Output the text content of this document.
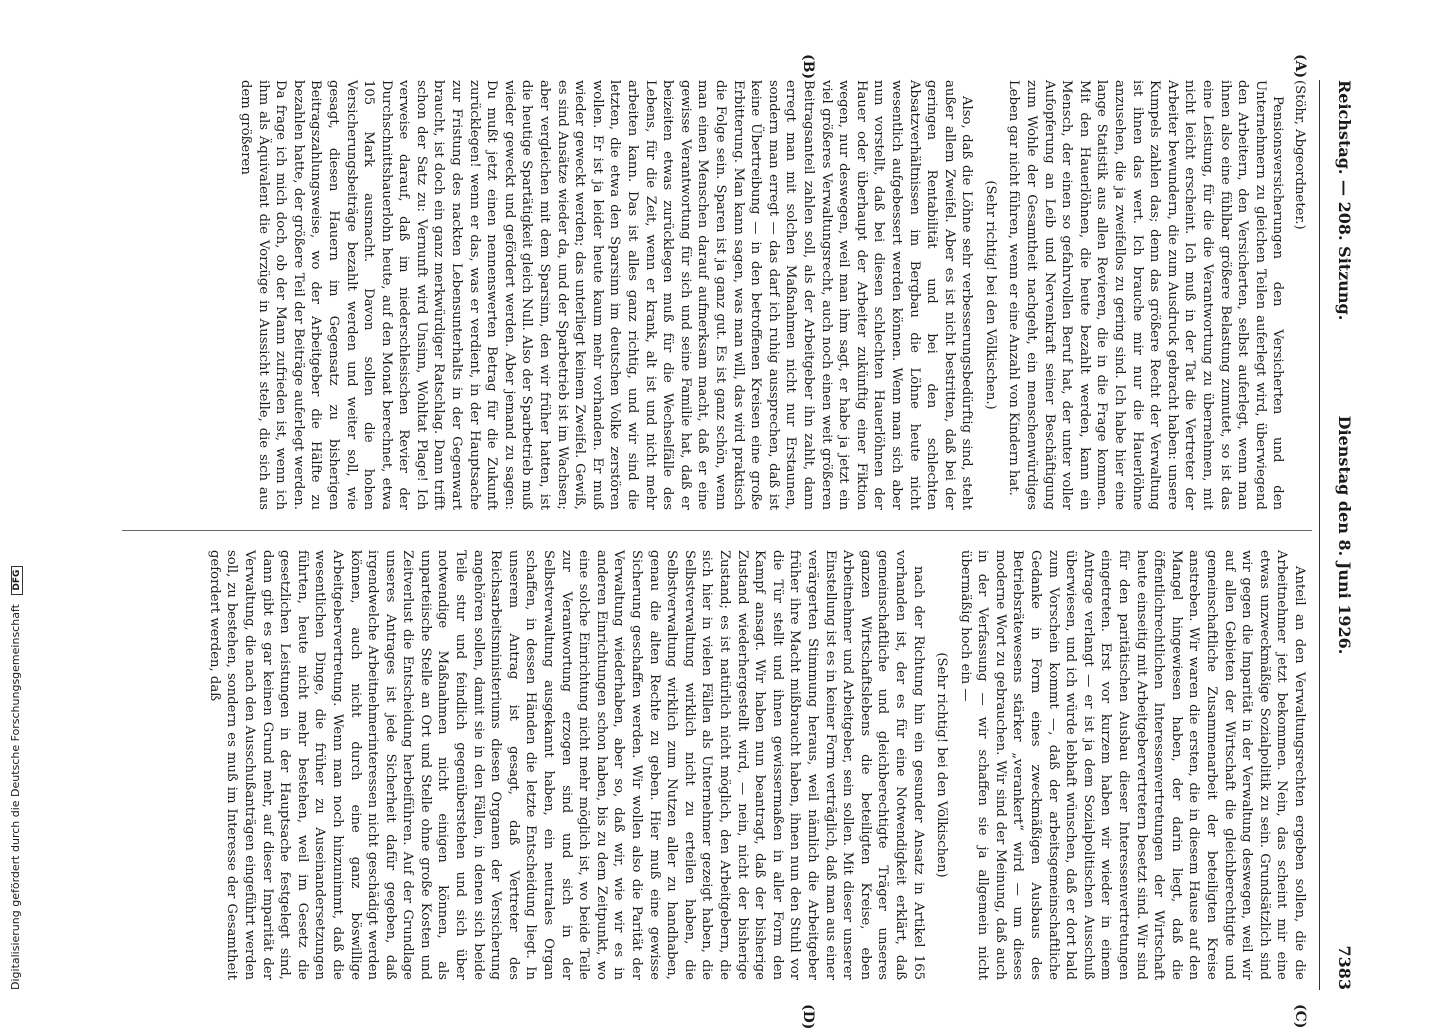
Digitalisierung gefördert durch die Deutsche Forschungsgemeinschaft DFG
Reichstag. — 208. Sitzung.
Dienstag den 8. Juni 1926.
7383
(A)
(B)
(C)
(D)

(Stöhr, Abgeordneter.)

Pensionsversicherungen den Versicherten und den Unternehmern zu gleichen Teilen auferlegt wird, überwiegend den Arbeitern, den Versicherten, selbst auferlegt, wenn man ihnen also eine fühlbar größere Belastung zumutet, so ist das eine Leistung, für die die Verantwortung zu übernehmen, mit nicht leicht erscheint. Ich muß in der Tat die Vertreter der Arbeiter bewundern, die zum Ausdruck gebracht haben: unsere Kumpels zahlen das; denn das größere Recht der Verwaltung ist ihnen das wert. Ich brauche mir nur die Hauerlöhne anzusehen, die ja zweifellos zu gering sind. Ich habe hier eine lange Statistik aus allen Revieren, die in die Frage kommen. Mit den Hauerlöhnen, die heute bezahlt werden, kann ein Mensch, der einen so gefahrvollen Beruf hat, der unter voller Aufopferung an Leib und Nervenkraft seiner Beschäftigung zum Wohle der Gesamtheit nachgeht, ein menschenwürdiges Leben gar nicht führen, wenn er eine Anzahl von Kindern hat.

(Sehr richtig! bei den Völkischen.)

Also, daß die Löhne sehr verbesserungsbedürftig sind, steht außer allem Zweifel. Aber es ist nicht bestritten, daß bei der geringen Rentabilität und bei den schlechten Absatzverhältnissen im Bergbau die Löhne heute nicht wesentlich aufgebessert werden können. Wenn man sich aber nun vorstellt, daß bei diesen schlechten Hauerlöhnen der Hauer oder überhaupt der Arbeiter zukünftig einer Fiktion wegen, nur deswegen, weil man ihm sagt, er habe ja jetzt ein viel größeres Verwaltungsrecht, auch noch einen weit größeren Beitragsanteil zahlen soll, als der Arbeitgeber ihn zahlt, dann erregt man mit solchen Maßnahmen nicht nur Erstaunen, sondern man erregt — das darf ich ruhig aussprechen, daß ist keine Übertreibung — in den betroffenen Kreisen eine große Erbitterung. Man kann sagen, was man will, das wird praktisch die Folge sein. Sparen ist ja ganz gut. Es ist ganz schön, wenn man einen Menschen darauf aufmerksam macht, daß er eine gewisse Verantwortung für sich und seine Familie hat, daß er beizeiten etwas zurücklegen muß für die Wechselfälle des Lebens, für die Zeit, wenn er krank, alt ist und nicht mehr arbeiten kann. Das ist alles ganz richtig, und wir sind die letzten, die etwa den Sparsinn im deutschen Volke zerstören wollen. Er ist ja leider heute kaum mehr vorhanden. Er muß wieder geweckt werden; das unterliegt keinem Zweifel. Gewiß, es sind Ansätze wieder da, und der Sparbetrieb ist im Wachsen; aber vergleichen mit dem Sparsinn, den wir früher hatten, ist die heutige Spartätigkeit gleich Null. Also der Sparbetrieb muß wieder geweckt und gefördert werden. Aber jemand zu sagen: Du mußt jetzt einen nennenswerten Betrag für die Zukunft zurücklegen! wenn er das, was er verdient, in der Hauptsache zur Fristung des nackten Lebensunterhalts in der Gegenwart braucht, ist doch ein ganz merkwürdiger Ratschlag. Dann trifft schon der Satz zu: Vernunft wird Unsinn, Wohltat Plage! Ich verweise darauf, daß im niederschlesischen Revier der Durchschnittshauerlohn heute, auf den Monat berechnet, etwa 105 Mark ausmacht. Davon sollen die hohen Versicherungsbeiträge bezahlt werden und weiter soll, wie gesagt, diesen Hauern im Gegensatz zu bisherigen Beitragszahlungsweise, wo der Arbeitgeber die Hälfte zu bezahlen hatte, der größere Teil der Beiträge auferlegt werden. Da frage ich mich doch, ob der Mann zufrieden ist, wenn ich ihm als Äquivalent die Vorzüge in Aussicht stelle, die sich aus dem größeren

Anteil an den Verwaltungsrechten ergeben sollen, die die Arbeitnehmer jetzt bekommen. Nein, das scheint mir eine etwas unzweckmäßige Sozialpolitik zu sein. Grundsätzlich sind wir gegen die Imparität in der Verwaltung deswegen, weil wir auf allen Gebieten der Wirtschaft die gleichberechtigte und gemeinschaftliche Zusammenarbeit der beteiligten Kreise anstreben. Wir waren die ersten, die in diesem Hause auf den Mangel hingewiesen haben, der darin liegt, daß die öffentlichrechtlichen Interessenvertretungen der Wirtschaft heute einseitig mit Arbeitgebervertretern besetzt sind. Wir sind für den paritätischen Ausbau dieser Interessenvertretungen eingetreten. Erst vor kurzem haben wir wieder in einem Antrage verlangt — er ist ja dem Sozialpolitischen Ausschuß überwiesen, und ich würde lebhaft wünschen, daß er dort bald zum Vorschein kommt —, daß der arbeitsgemeinschaftliche Gedanke in Form eines zweckmäßigen Ausbaus des Betriebsrätewesens stärker „verankert“ wird — um dieses moderne Wort zu gebrauchen. Wir sind der Meinung, daß auch in der Verfassung — wir schaffen sie ja allgemein nicht übermäßig hoch ein —

(Sehr richtig! bei den Völkischen)

nach der Richtung hin ein gesunder Ansatz in Artikel 165 vorhanden ist, der es für eine Notwendigkeit erklärt, daß gemeinschaftliche und gleichberechtigte Träger unseres ganzen Wirtschaftslebens die beteiligten Kreise, eben Arbeitnehmer und Arbeitgeber, sein sollen. Mit dieser unserer Einstellung ist es in keiner Form verträglich, daß man aus einer verärgerten Stimmung heraus, weil nämlich die Arbeitgeber früher ihre Macht mißbraucht haben, ihnen nun den Stuhl vor die Tür stellt und ihnen gewissermaßen in aller Form den Kampf ansagt. Wir haben nun beantragt, daß der bisherige Zustand wiederhergestellt wird, — nein, nicht der bisherige Zustand; es ist natürlich nicht möglich, den Arbeitgebern, die sich hier in vielen Fällen als Unternehmer gezeigt haben, die Selbstverwaltung wirklich nicht zu erteilen haben, die Selbstverwaltung wirklich zum Nutzen aller zu handhaben, genau die alten Rechte zu geben. Hier muß eine gewisse Sicherung geschaffen werden. Wir wollen also die Parität der Verwaltung wiederhaben, aber so, daß wir, wie wir es in anderen Einrichtungen schon haben, bis zu dem Zeitpunkt, wo eine solche Einrichtung nicht mehr möglich ist, wo beide Teile zur Verantwortung erzogen sind und sich in der Selbstverwaltung ausgekannt haben, ein neutrales Organ schaffen, in dessen Händen die letzte Entscheidung liegt. In unserem Antrag ist gesagt, daß Vertreter des Reichsarbeitsministeriums diesen Organen der Versicherung angehören sollen, damit sie in den Fällen, in denen sich beide Teile stur und feindlich gegenüberstehen und sich über notwendige Maßnahmen nicht einigen können, als unparteiische Stelle an Ort und Stelle ohne große Kosten und Zeitverlust die Entscheidung herbeiführen. Auf der Grundlage unseres Antrages ist jede Sicherheit dafür gegeben, daß irgendwelche Arbeitnehmerinteressen nicht geschädigt werden können, auch nicht durch eine ganz böswillige Arbeitgebervertretung. Wenn man noch hinzunimmt, daß die wesentlichen Dinge, die früher zu Auseinandersetzungen führten, heute nicht mehr bestehen, weil im Gesetz die gesetzlichen Leistungen in der Hauptsache festgelegt sind, dann gibt es gar keinen Grund mehr, auf dieser Imparität der Verwaltung, die nach den Ausschußanträgen eingeführt werden soll, zu bestehen, sondern es muß im Interesse der Gesamtheit gefordert werden, daß
